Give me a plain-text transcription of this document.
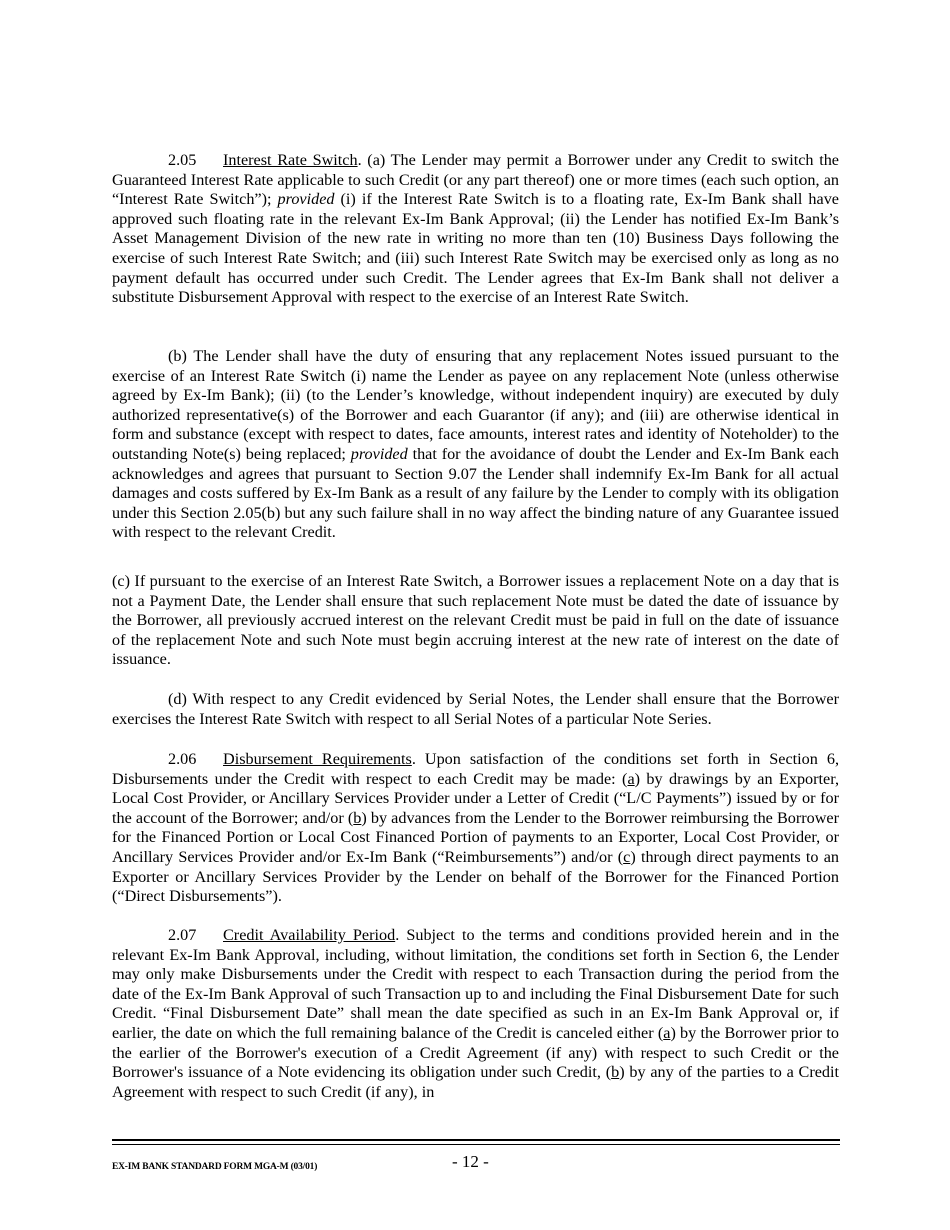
2.05 Interest Rate Switch. (a) The Lender may permit a Borrower under any Credit to switch the Guaranteed Interest Rate applicable to such Credit (or any part thereof) one or more times (each such option, an “Interest Rate Switch”); provided (i) if the Interest Rate Switch is to a floating rate, Ex-Im Bank shall have approved such floating rate in the relevant Ex-Im Bank Approval; (ii) the Lender has notified Ex-Im Bank’s Asset Management Division of the new rate in writing no more than ten (10) Business Days following the exercise of such Interest Rate Switch; and (iii) such Interest Rate Switch may be exercised only as long as no payment default has occurred under such Credit. The Lender agrees that Ex-Im Bank shall not deliver a substitute Disbursement Approval with respect to the exercise of an Interest Rate Switch.

(b) The Lender shall have the duty of ensuring that any replacement Notes issued pursuant to the exercise of an Interest Rate Switch (i) name the Lender as payee on any replacement Note (unless otherwise agreed by Ex-Im Bank); (ii) (to the Lender’s knowledge, without independent inquiry) are executed by duly authorized representative(s) of the Borrower and each Guarantor (if any); and (iii) are otherwise identical in form and substance (except with respect to dates, face amounts, interest rates and identity of Noteholder) to the outstanding Note(s) being replaced; provided that for the avoidance of doubt the Lender and Ex-Im Bank each acknowledges and agrees that pursuant to Section 9.07 the Lender shall indemnify Ex-Im Bank for all actual damages and costs suffered by Ex-Im Bank as a result of any failure by the Lender to comply with its obligation under this Section 2.05(b) but any such failure shall in no way affect the binding nature of any Guarantee issued with respect to the relevant Credit.

(c) If pursuant to the exercise of an Interest Rate Switch, a Borrower issues a replacement Note on a day that is not a Payment Date, the Lender shall ensure that such replacement Note must be dated the date of issuance by the Borrower, all previously accrued interest on the relevant Credit must be paid in full on the date of issuance of the replacement Note and such Note must begin accruing interest at the new rate of interest on the date of issuance.

(d) With respect to any Credit evidenced by Serial Notes, the Lender shall ensure that the Borrower exercises the Interest Rate Switch with respect to all Serial Notes of a particular Note Series.

2.06 Disbursement Requirements. Upon satisfaction of the conditions set forth in Section 6, Disbursements under the Credit with respect to each Credit may be made: (a) by drawings by an Exporter, Local Cost Provider, or Ancillary Services Provider under a Letter of Credit (“L/C Payments”) issued by or for the account of the Borrower; and/or (b) by advances from the Lender to the Borrower reimbursing the Borrower for the Financed Portion or Local Cost Financed Portion of payments to an Exporter, Local Cost Provider, or Ancillary Services Provider and/or Ex-Im Bank (“Reimbursements”) and/or (c) through direct payments to an Exporter or Ancillary Services Provider by the Lender on behalf of the Borrower for the Financed Portion (“Direct Disbursements”).

2.07 Credit Availability Period. Subject to the terms and conditions provided herein and in the relevant Ex-Im Bank Approval, including, without limitation, the conditions set forth in Section 6, the Lender may only make Disbursements under the Credit with respect to each Transaction during the period from the date of the Ex-Im Bank Approval of such Transaction up to and including the Final Disbursement Date for such Credit. “Final Disbursement Date” shall mean the date specified as such in an Ex-Im Bank Approval or, if earlier, the date on which the full remaining balance of the Credit is canceled either (a) by the Borrower prior to the earlier of the Borrower's execution of a Credit Agreement (if any) with respect to such Credit or the Borrower's issuance of a Note evidencing its obligation under such Credit, (b) by any of the parties to a Credit Agreement with respect to such Credit (if any), in

EX-IM BANK STANDARD FORM MGA-M (03/01)	- 12 -
